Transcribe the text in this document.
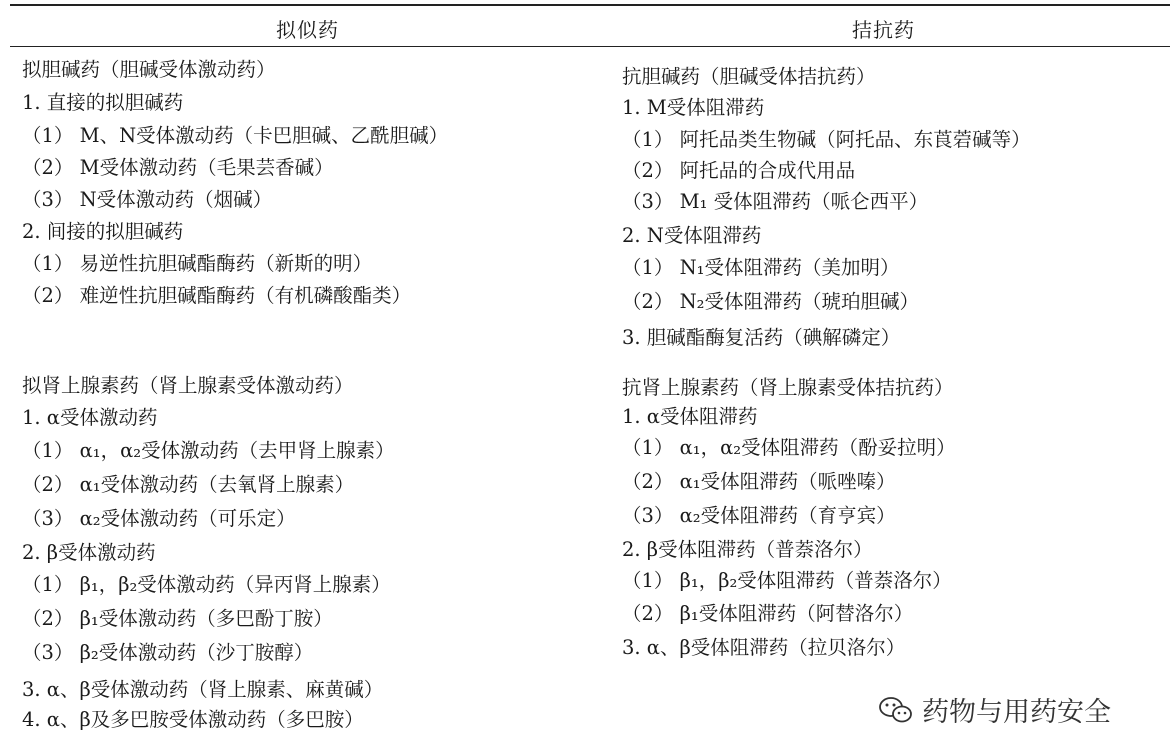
拟似药	拮抗药
拟胆碱药（胆碱受体激动药）
1. 直接的拟胆碱药
（1） M、N受体激动药（卡巴胆碱、乙酰胆碱）
（2） M受体激动药（毛果芸香碱）
（3） N受体激动药（烟碱）
2. 间接的拟胆碱药
（1） 易逆性抗胆碱酯酶药（新斯的明）
（2） 难逆性抗胆碱酯酶药（有机磷酸酯类）
拟肾上腺素药（肾上腺素受体激动药）
1. α受体激动药
（1） α₁，α₂受体激动药（去甲肾上腺素）
（2） α₁受体激动药（去氧肾上腺素）
（3） α₂受体激动药（可乐定）
2. β受体激动药
（1） β₁，β₂受体激动药（异丙肾上腺素）
（2） β₁受体激动药（多巴酚丁胺）
（3） β₂受体激动药（沙丁胺醇）
3. α、β受体激动药（肾上腺素、麻黄碱）
4. α、β及多巴胺受体激动药（多巴胺）
抗胆碱药（胆碱受体拮抗药）
1. M受体阻滞药
（1） 阿托品类生物碱（阿托品、东莨菪碱等）
（2） 阿托品的合成代用品
（3） M₁ 受体阻滞药（哌仑西平）
2. N受体阻滞药
（1） N₁受体阻滞药（美加明）
（2） N₂受体阻滞药（琥珀胆碱）
3. 胆碱酯酶复活药（碘解磷定）
抗肾上腺素药（肾上腺素受体拮抗药）
1. α受体阻滞药
（1） α₁，α₂受体阻滞药（酚妥拉明）
（2） α₁受体阻滞药（哌唑嗪）
（3） α₂受体阻滞药（育亨宾）
2. β受体阻滞药（普萘洛尔）
（1） β₁，β₂受体阻滞药（普萘洛尔）
（2） β₁受体阻滞药（阿替洛尔）
3. α、β受体阻滞药（拉贝洛尔）
药物与用药安全
